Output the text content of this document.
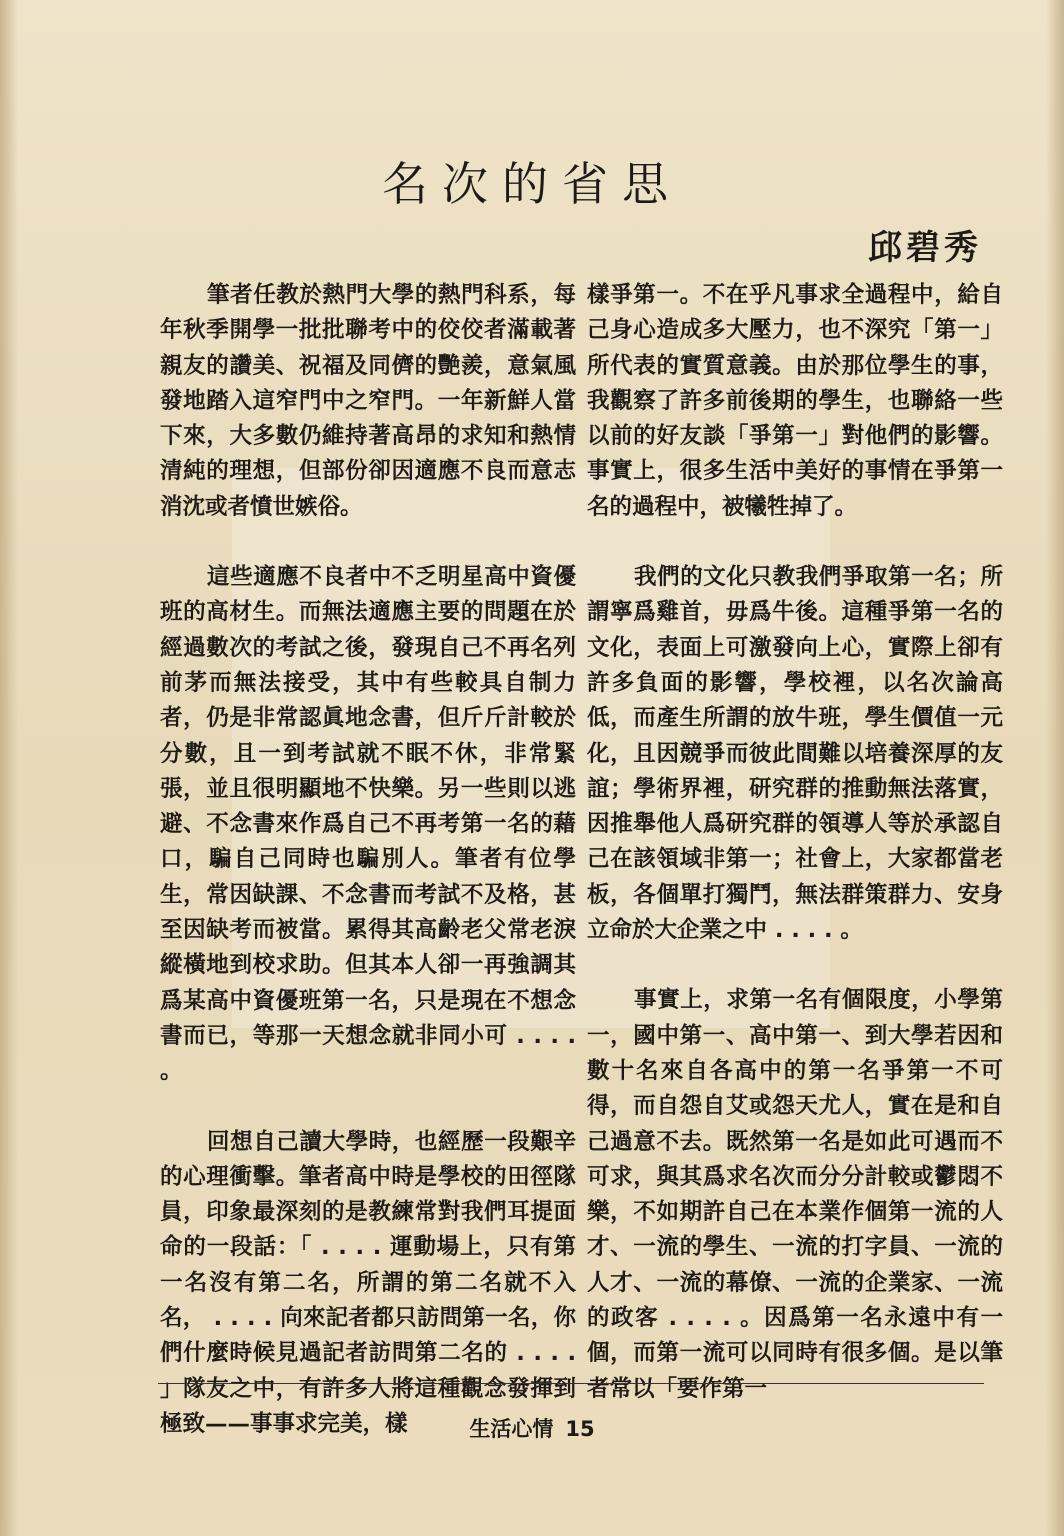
名次的省思
邱碧秀

筆者任教於熱門大學的熱門科系，每年秋季開學一批批聯考中的佼佼者滿載著親友的讚美、祝福及同儕的艷羨，意氣風發地踏入這窄門中之窄門。一年新鮮人當下來，大多數仍維持著高昂的求知和熱情清純的理想，但部份卻因適應不良而意志消沈或者憤世嫉俗。

這些適應不良者中不乏明星高中資優班的高材生。而無法適應主要的問題在於經過數次的考試之後，發現自己不再名列前茅而無法接受，其中有些較具自制力者，仍是非常認眞地念書，但斤斤計較於分數，且一到考試就不眠不休，非常緊張，並且很明顯地不快樂。另一些則以逃避、不念書來作爲自己不再考第一名的藉口，騙自己同時也騙別人。筆者有位學生，常因缺課、不念書而考試不及格，甚至因缺考而被當。累得其高齡老父常老淚縱橫地到校求助。但其本人卻一再強調其爲某高中資優班第一名，只是現在不想念書而已，等那一天想念就非同小可 . . . . 。

回想自己讀大學時，也經歷一段艱辛的心理衝擊。筆者高中時是學校的田徑隊員，印象最深刻的是教練常對我們耳提面命的一段話：「 . . . . 運動場上，只有第一名沒有第二名，所謂的第二名就不入名， . . . . 向來記者都只訪問第一名，你們什麼時候見過記者訪問第二名的 . . . . 」隊友之中，有許多人將這種觀念發揮到極致——事事求完美，樣

樣爭第一。不在乎凡事求全過程中，給自己身心造成多大壓力，也不深究「第一」所代表的實質意義。由於那位學生的事，我觀察了許多前後期的學生，也聯絡一些以前的好友談「爭第一」對他們的影響。事實上，很多生活中美好的事情在爭第一名的過程中，被犧牲掉了。

我們的文化只教我們爭取第一名；所謂寧爲雞首，毋爲牛後。這種爭第一名的文化，表面上可激發向上心，實際上卻有許多負面的影響，學校裡，以名次論高低，而產生所謂的放牛班，學生價值一元化，且因競爭而彼此間難以培養深厚的友誼；學術界裡，研究群的推動無法落實，因推舉他人爲研究群的領導人等於承認自己在該領域非第一；社會上，大家都當老板，各個單打獨鬥，無法群策群力、安身立命於大企業之中 . . . . 。

事實上，求第一名有個限度，小學第一，國中第一、高中第一、到大學若因和數十名來自各高中的第一名爭第一不可得，而自怨自艾或怨天尤人，實在是和自己過意不去。既然第一名是如此可遇而不可求，與其爲求名次而分分計較或鬱悶不樂，不如期許自己在本業作個第一流的人才、一流的學生、一流的打字員、一流的人才、一流的幕僚、一流的企業家、一流的政客 . . . . 。因爲第一名永遠中有一個，而第一流可以同時有很多個。是以筆者常以「要作第一

生活心情 15
